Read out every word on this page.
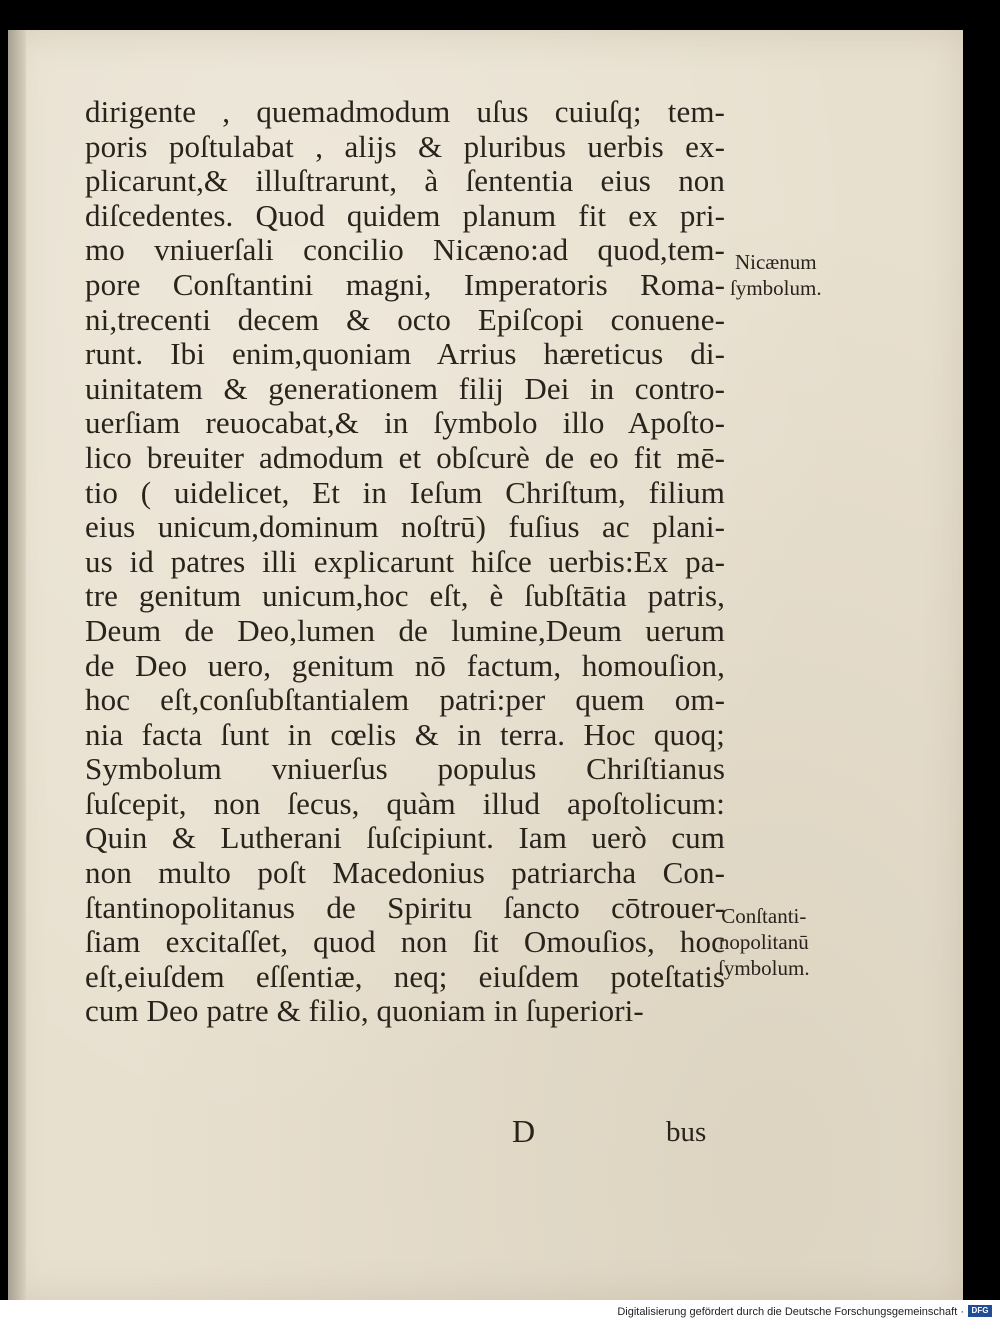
dirigente , quemadmodum uſus cuiuſq; tem-
poris poſtulabat , aliјs & pluribus uerbis ex-
plicarunt,& illuſtrarunt, à ſententia eius non
diſcedentes. Quod quidem planum fit ex pri-
mo vniuerſali concilio Nicæno:ad quod,tem-
pore Conſtantini magni, Imperatoris Roma-
ni,trecenti decem & octo Epiſcopi conuene-
runt. Ibi enim,quoniam Arrius hæreticus di-
uinitatem & generationem filij Dei in contro-
uerſiam reuocabat,& in ſymbolo illo Apoſto-
lico breuiter admodum et obſcurè de eo fit mē-
tio ( uidelicet, Et in Ieſum Chriſtum, filium
eius unicum,dominum noſtrū) fuſius ac plani-
us id patres illi explicarunt hiſce uerbis:Ex pa-
tre genitum unicum,hoc eſt, è ſubſtātia patris,
Deum de Deo,lumen de lumine,Deum uerum
de Deo uero, genitum nō factum, homouſion,
hoc eſt,conſubſtantialem patri:per quem om-
nia facta ſunt in cœlis & in terra. Hoc quoq;
Symbolum vniuerſus populus Chriſtianus
ſuſcepit, non ſecus, quàm illud apoſtolicum:
Quin & Lutherani ſuſcipiunt. Iam uerò cum
non multo poſt Macedonius patriarcha Con-
ſtantinopolitanus de Spiritu ſancto cōtrouer-
ſiam excitaſſet, quod non ſit Omouſios, hoc
eſt,eiuſdem eſſentiæ, neq; eiuſdem poteſtatis
cum Deo patre & filio, quoniam in ſuperiori-
Nicænum
ſymbolum.
Conſtanti-
nopolitanū
ſymbolum.
D	bus
Digitalisierung gefördert durch die Deutsche Forschungsgemeinschaft · DFG
